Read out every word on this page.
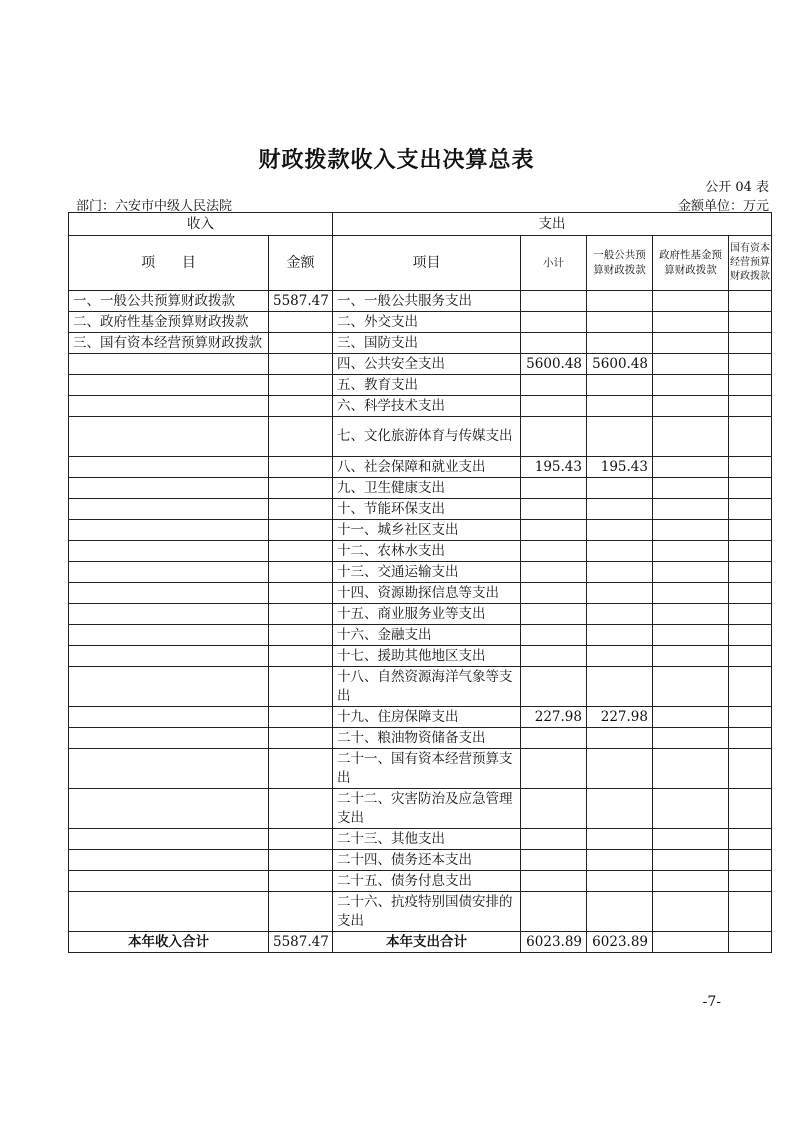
财政拨款收入支出决算总表
公开 04 表
部门：六安市中级人民法院	金额单位：万元
收入		支出				
项      目	金额	项目	小计	一般公共预算财政拨款	政府性基金预算财政拨款	国有资本经营预算财政拨款
一、一般公共预算财政拨款	5587.47	一、一般公共服务支出				
二、政府性基金预算财政拨款		二、外交支出				
三、国有资本经营预算财政拨款		三、国防支出				
		四、公共安全支出	5600.48	5600.48		
		五、教育支出				
		六、科学技术支出				
		七、文化旅游体育与传媒支出				
		八、社会保障和就业支出	195.43	195.43		
		九、卫生健康支出				
		十、节能环保支出				
		十一、城乡社区支出				
		十二、农林水支出				
		十三、交通运输支出				
		十四、资源勘探信息等支出				
		十五、商业服务业等支出				
		十六、金融支出				
		十七、援助其他地区支出				
		十八、自然资源海洋气象等支出				
		十九、住房保障支出	227.98	227.98		
		二十、粮油物资储备支出				
		二十一、国有资本经营预算支出				
		二十二、灾害防治及应急管理支出				
		二十三、其他支出				
		二十四、债务还本支出				
		二十五、债务付息支出				
		二十六、抗疫特别国债安排的支出				
本年收入合计	5587.47	本年支出合计	6023.89	6023.89		
-7-
